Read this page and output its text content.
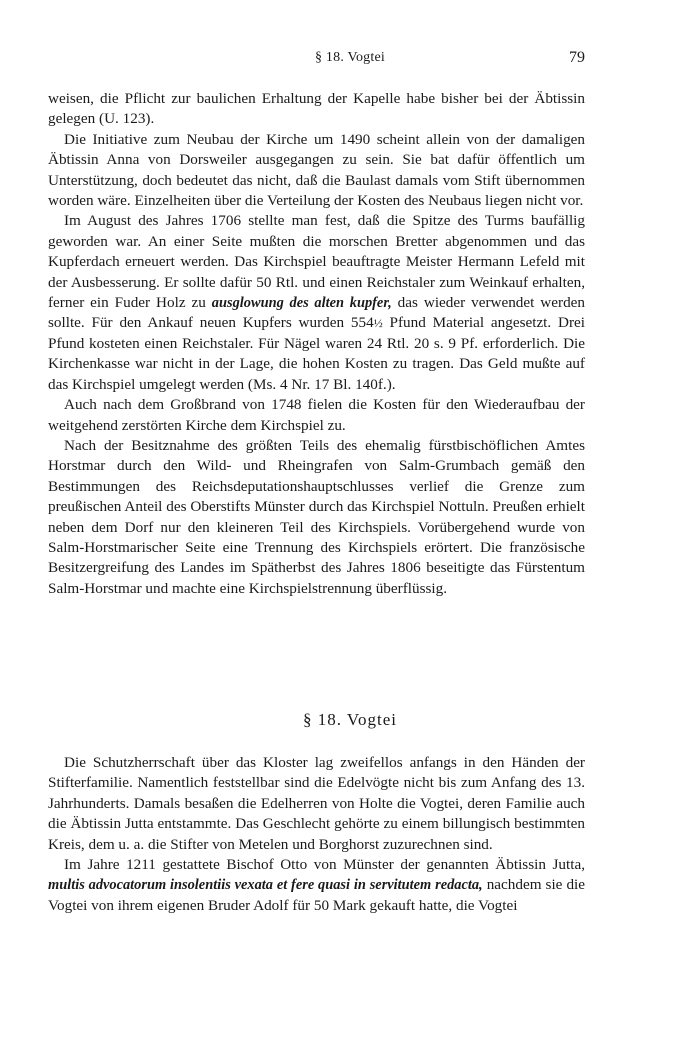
§ 18. Vogtei	79

weisen, die Pflicht zur baulichen Erhaltung der Kapelle habe bisher bei der Äbtissin gelegen (U. 123).

Die Initiative zum Neubau der Kirche um 1490 scheint allein von der damaligen Äbtissin Anna von Dorsweiler ausgegangen zu sein. Sie bat dafür öffentlich um Unterstützung, doch bedeutet das nicht, daß die Baulast damals vom Stift übernommen worden wäre. Einzelheiten über die Verteilung der Kosten des Neubaus liegen nicht vor.

Im August des Jahres 1706 stellte man fest, daß die Spitze des Turms baufällig geworden war. An einer Seite mußten die morschen Bretter abgenommen und das Kupferdach erneuert werden. Das Kirchspiel beauftragte Meister Hermann Lefeld mit der Ausbesserung. Er sollte dafür 50 Rtl. und einen Reichstaler zum Weinkauf erhalten, ferner ein Fuder Holz zu ausglowung des alten kupfer, das wieder verwendet werden sollte. Für den Ankauf neuen Kupfers wurden 554½ Pfund Material angesetzt. Drei Pfund kosteten einen Reichstaler. Für Nägel waren 24 Rtl. 20 s. 9 Pf. erforderlich. Die Kirchenkasse war nicht in der Lage, die hohen Kosten zu tragen. Das Geld mußte auf das Kirchspiel umgelegt werden (Ms. 4 Nr. 17 Bl. 140f.).

Auch nach dem Großbrand von 1748 fielen die Kosten für den Wiederaufbau der weitgehend zerstörten Kirche dem Kirchspiel zu.

Nach der Besitznahme des größten Teils des ehemalig fürstbischöflichen Amtes Horstmar durch den Wild- und Rheingrafen von Salm-Grumbach gemäß den Bestimmungen des Reichsdeputationshauptschlusses verlief die Grenze zum preußischen Anteil des Oberstifts Münster durch das Kirchspiel Nottuln. Preußen erhielt neben dem Dorf nur den kleineren Teil des Kirchspiels. Vorübergehend wurde von Salm-Horstmarischer Seite eine Trennung des Kirchspiels erörtert. Die französische Besitzergreifung des Landes im Spätherbst des Jahres 1806 beseitigte das Fürstentum Salm-Horstmar und machte eine Kirchspielstrennung überflüssig.

§ 18. Vogtei

Die Schutzherrschaft über das Kloster lag zweifellos anfangs in den Händen der Stifterfamilie. Namentlich feststellbar sind die Edelvögte nicht bis zum Anfang des 13. Jahrhunderts. Damals besaßen die Edelherren von Holte die Vogtei, deren Familie auch die Äbtissin Jutta entstammte. Das Geschlecht gehörte zu einem billungisch bestimmten Kreis, dem u. a. die Stifter von Metelen und Borghorst zuzurechnen sind.

Im Jahre 1211 gestattete Bischof Otto von Münster der genannten Äbtissin Jutta, multis advocatorum insolentiis vexata et fere quasi in servitutem redacta, nachdem sie die Vogtei von ihrem eigenen Bruder Adolf für 50 Mark gekauft hatte, die Vogtei
